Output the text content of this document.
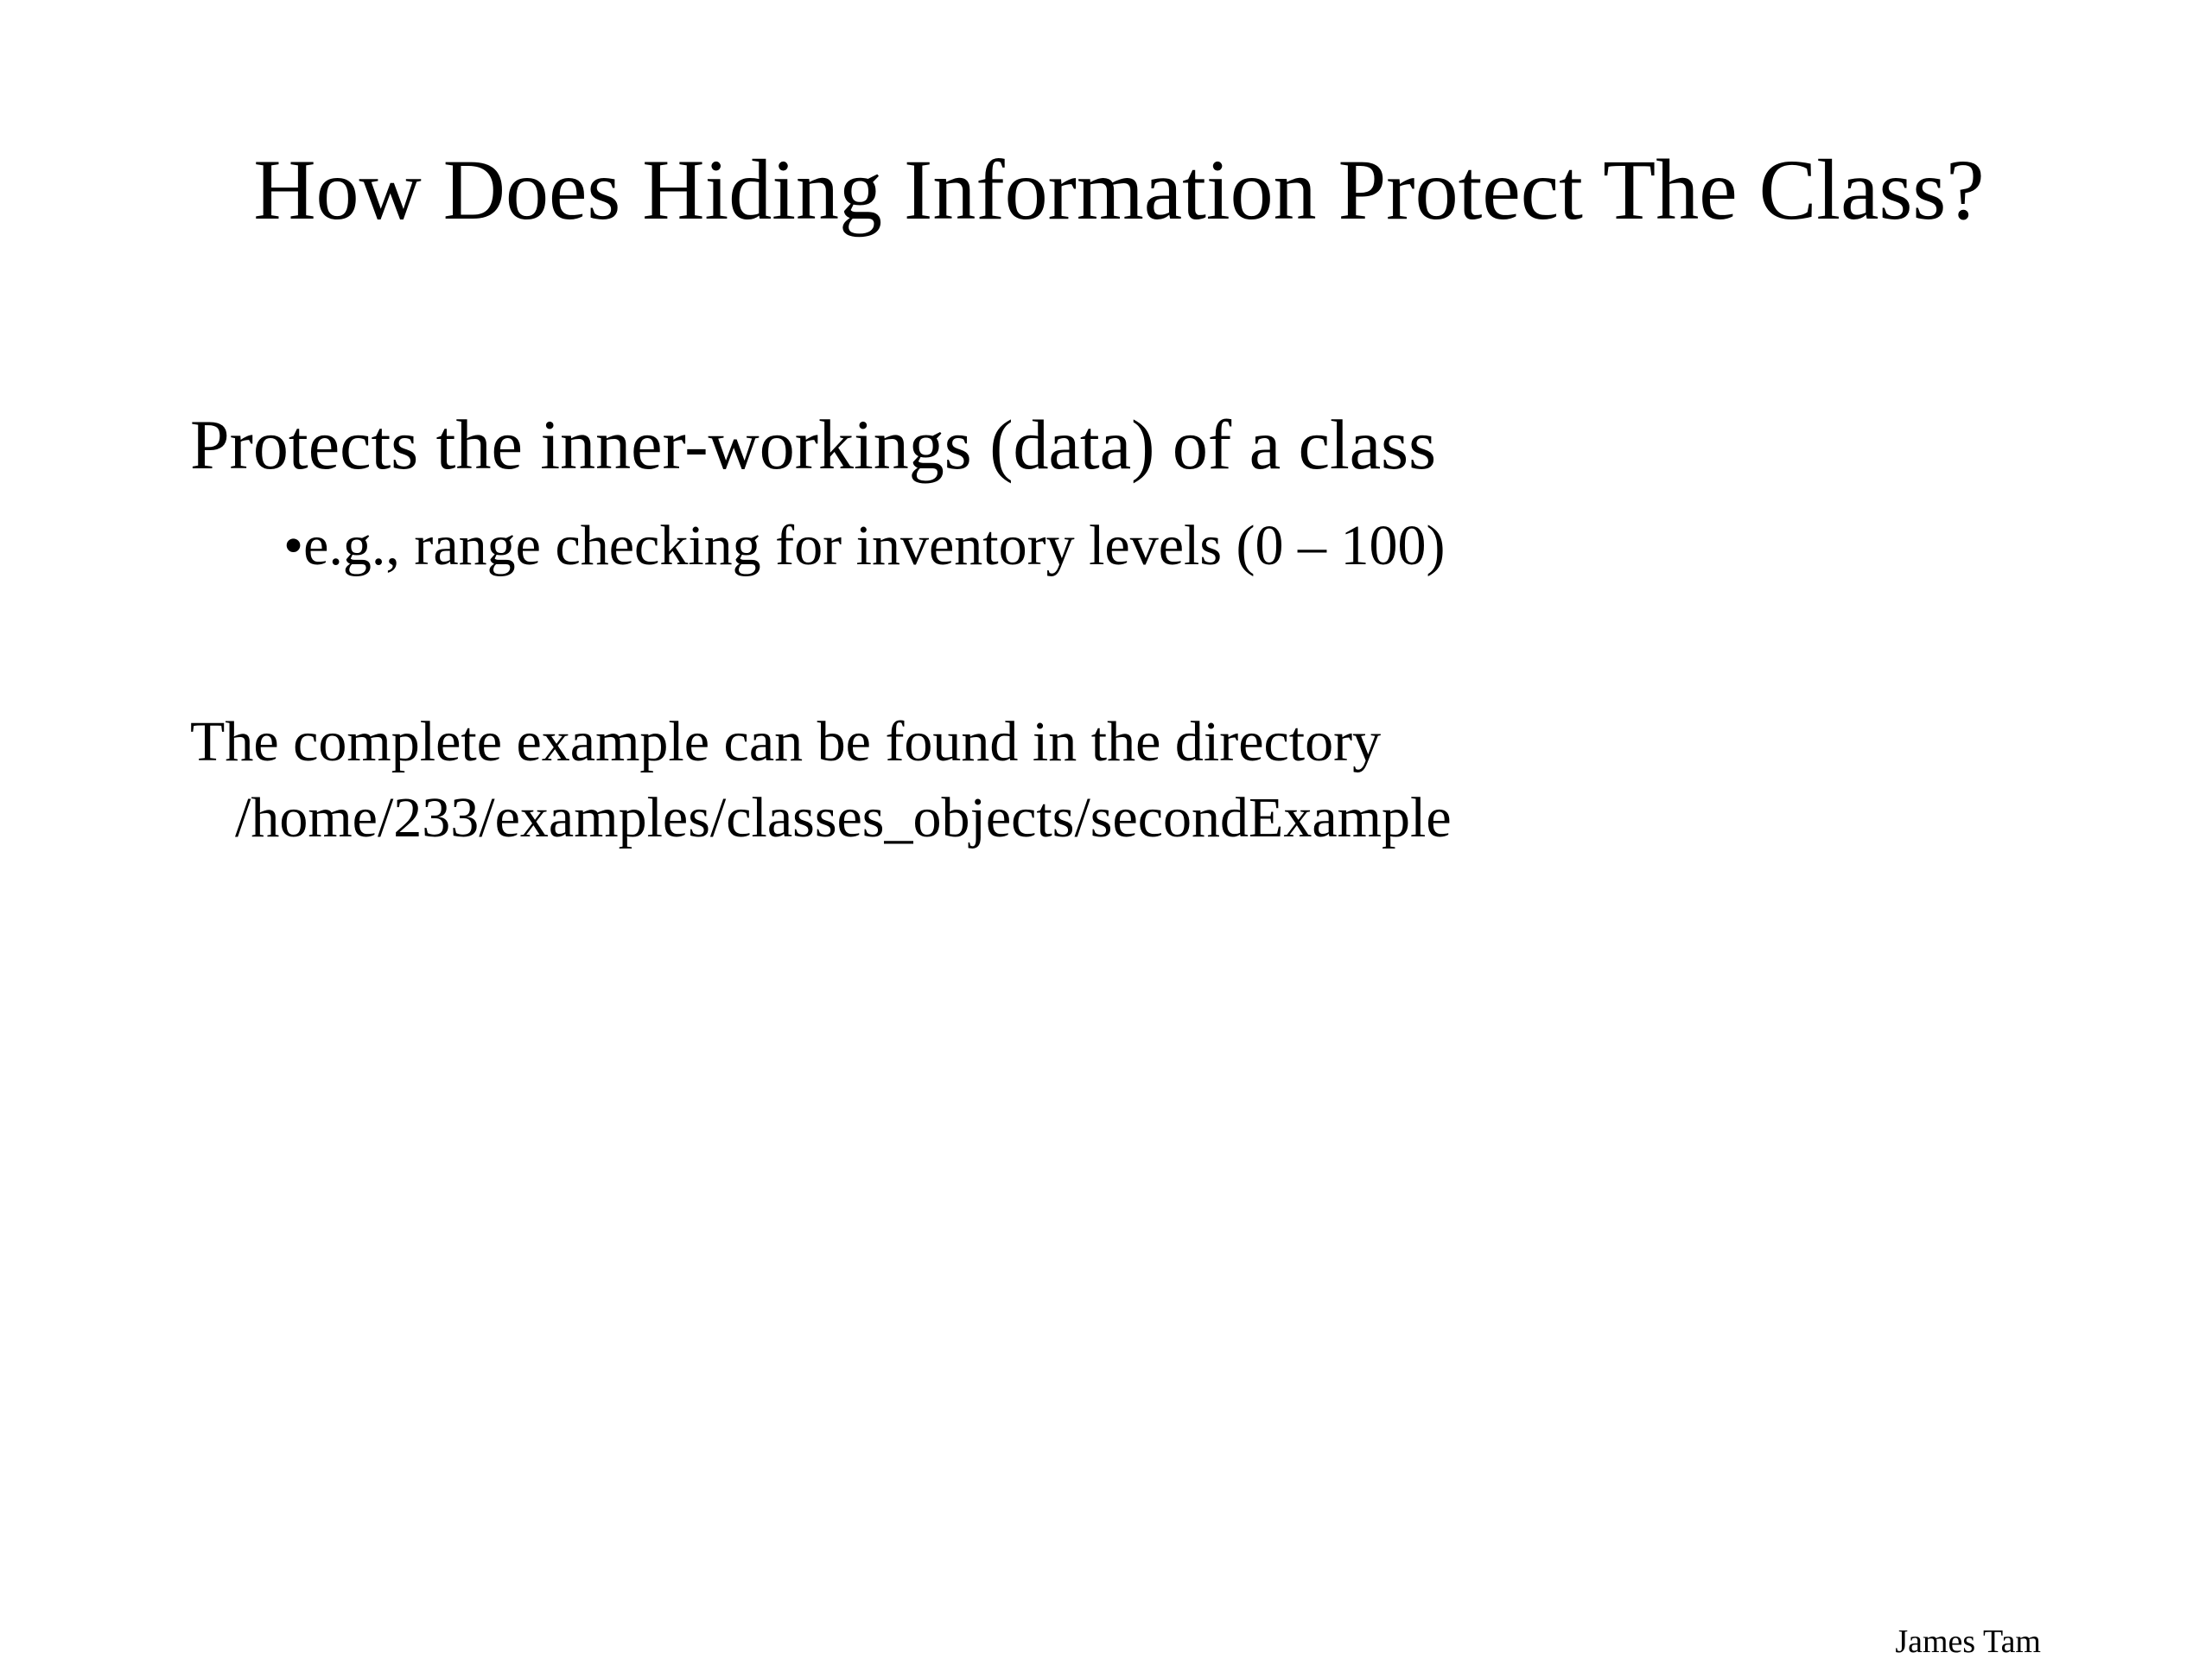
How Does Hiding Information Protect The Class?
Protects the inner-workings (data) of a class
•e.g., range checking for inventory levels (0 – 100)
The complete example can be found in the directory
/home/233/examples/classes_objects/secondExample
James Tam
